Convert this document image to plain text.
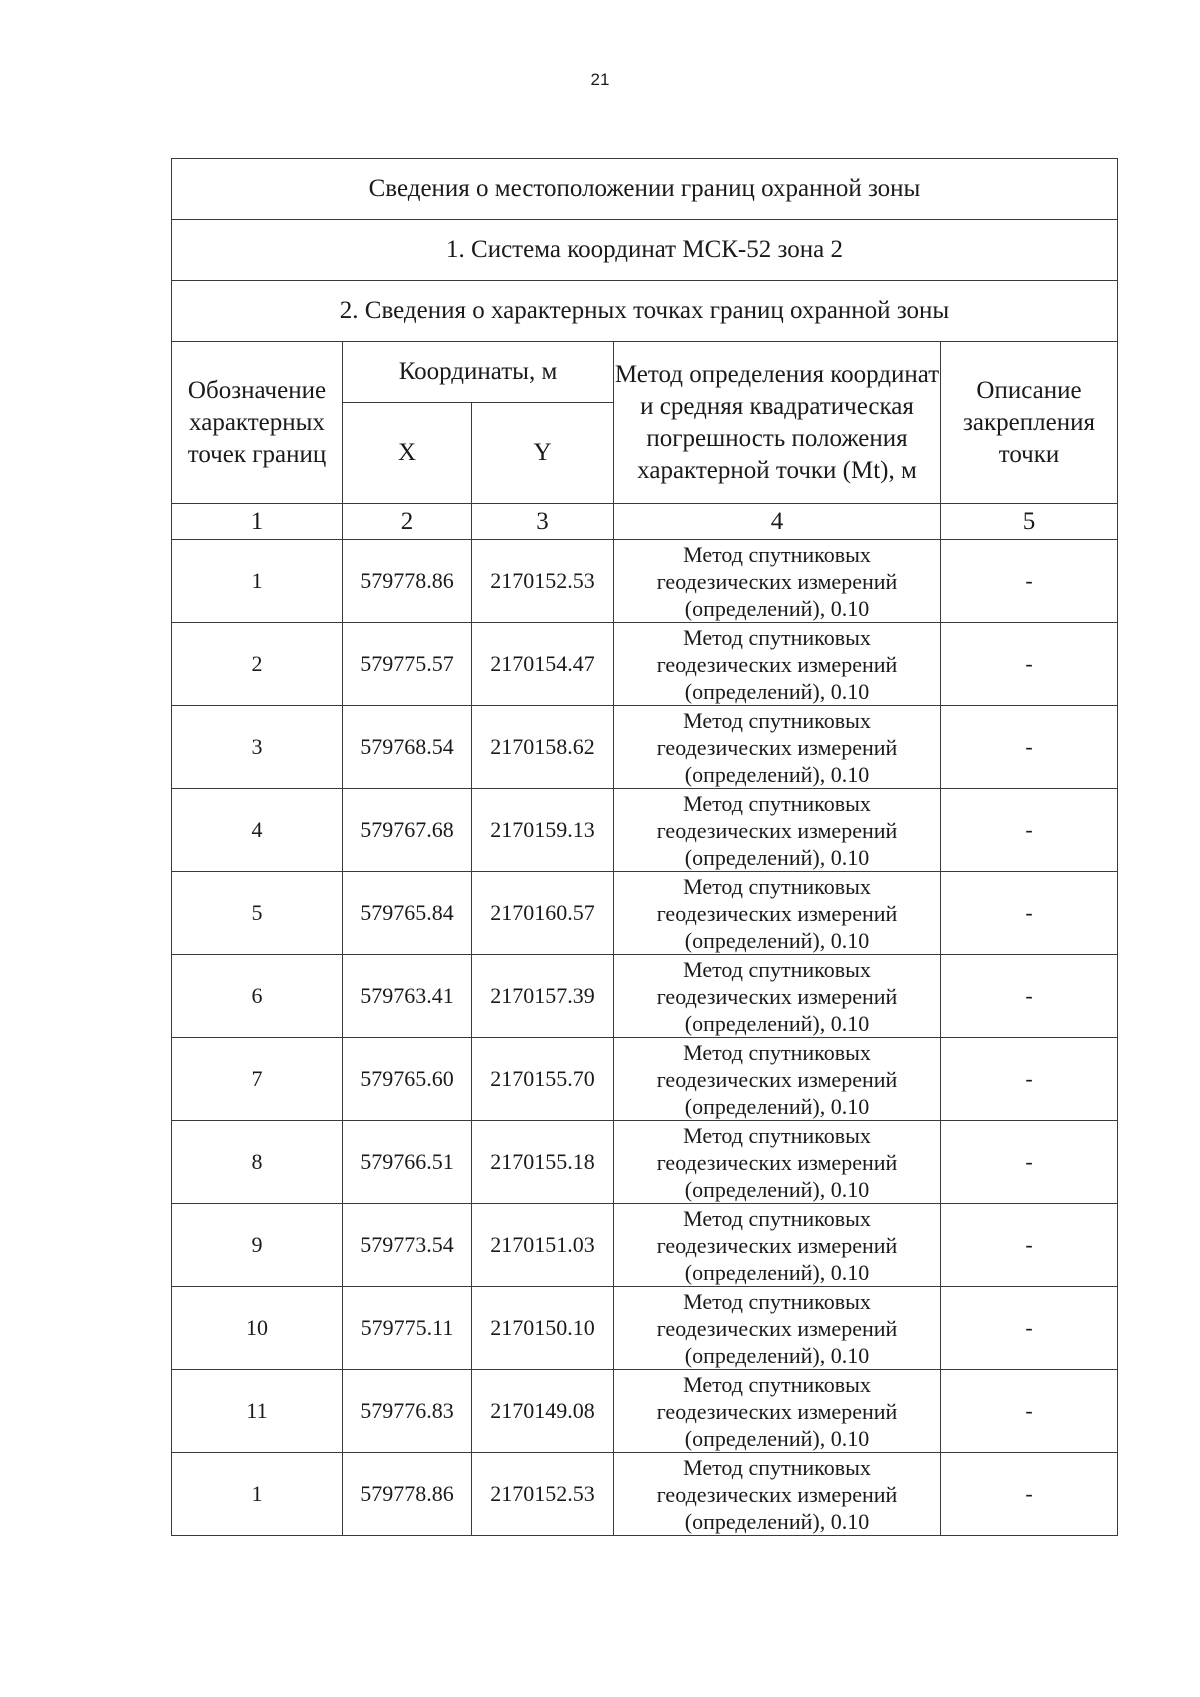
21
Сведения о местоположении границ охранной зоны				
1. Система координат МСК-52 зона 2				
2. Сведения о характерных точках границ охранной зоны				
Обозначение характерных точек границ	Координаты, м		Метод определения координат и средняя квадратическая погрешность положения характерной точки (Mt), м	Описание закрепления точки
	X	Y		
1	2	3	4	5
1	579778.86	2170152.53	Метод спутниковых геодезических измерений (определений), 0.10	-
2	579775.57	2170154.47	Метод спутниковых геодезических измерений (определений), 0.10	-
3	579768.54	2170158.62	Метод спутниковых геодезических измерений (определений), 0.10	-
4	579767.68	2170159.13	Метод спутниковых геодезических измерений (определений), 0.10	-
5	579765.84	2170160.57	Метод спутниковых геодезических измерений (определений), 0.10	-
6	579763.41	2170157.39	Метод спутниковых геодезических измерений (определений), 0.10	-
7	579765.60	2170155.70	Метод спутниковых геодезических измерений (определений), 0.10	-
8	579766.51	2170155.18	Метод спутниковых геодезических измерений (определений), 0.10	-
9	579773.54	2170151.03	Метод спутниковых геодезических измерений (определений), 0.10	-
10	579775.11	2170150.10	Метод спутниковых геодезических измерений (определений), 0.10	-
11	579776.83	2170149.08	Метод спутниковых геодезических измерений (определений), 0.10	-
1	579778.86	2170152.53	Метод спутниковых геодезических измерений (определений), 0.10	-
